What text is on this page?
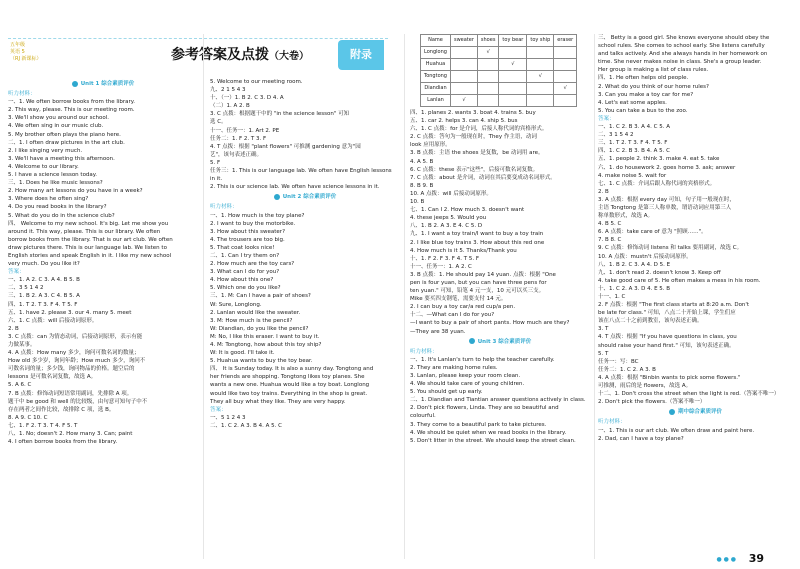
五年级
英语 5
（RJ 新课标）	参考答案及点拨（大卷）	附录
Unit 1 综合素质评价
听力材料：
一、1. We often borrow books from the library.
2. This way, please. This is our meeting room.
3. We'll show you around our school.
4. We often sing in our music club.
5. My brother often plays the piano here.
二、1. I often draw pictures in the art club.
2. I like singing very much.
3. We'll have a meeting this afternoon.
4. Welcome to our library.
5. I have a science lesson today.
三、1. Does he like music lessons?
2. How many art lessons do you have in a week?
3. Where does he often sing?
4. Do you read books in the library?
5. What do you do in the science club?
四、 Welcome to my new school. It's big. Let me show you
around it. This way, please. This is our library. We often
borrow books from the library. That is our art club. We often
draw pictures there. This is our language lab. We listen to
English stories and speak English in it. I like my new school
very much. Do you like it?
答案：
一、1. A 2. C 3. A 4. B 5. B
二、3 5 1 4 2
三、1. B 2. A 3. C 4. B 5. A
四、1. T 2. T 3. F 4. T 5. F
五、1. have 2. please 3. our 4. many 5. meet
六、1. C 点拨：will 后接动词原形。
2. B
3. C 点拨：can 为情态动词，后接动词原形，表示有能
力做某事。
4. A 点拨：How many 多少，询问可数名词的数量；
How old 多少岁，询问年龄；How much 多少，询问不
可数名词的量；多少钱，询问物品的价格。题空后的
lessons 是可数名词复数，故选 A。
5. A 6. C
7. B 点拨：修饰动词短语常用副词，先排除 A 项。
题干中 be good 和 well 的比较级，由句意可知句子中不
存在两者之间作比较，故排除 C 项，选 B。
8. A 9. C 10. C
七、1. F 2. T 3. T 4. F 5. T
八、1. No; doesn't 2. How many 3. Can; paint
4. I often borrow books from the library.
5. Welcome to our meeting room.
九、2 1 5 4 3
十、（一）1. B 2. C 3. D 4. A
（二）1. A 2. B
3. C 点拨：根据题干中的 "in the science lesson" 可知
选 C。
十一、任务一：1. Art 2. PE
任务二：1. F 2. T 3. F
4. T 点拨：根据 "plant flowers" 可推测 gardening 意为"园
艺"，该句表述正确。
5. F
任务三：1. This is our language lab. We often have English lessons
in it.
2. This is our science lab. We often have science lessons in it.
Unit 2 综合素质评价
听力材料：
一、1. How much is the toy plane?
2. I want to buy the motorbike.
3. How about this sweater?
4. The trousers are too big.
5. That coat looks nice!
二、1. Can I try them on?
2. How much are the toy cars?
3. What can I do for you?
4. How about this one?
5. Which one do you like?
三、1. M: Can I have a pair of shoes?
W: Sure, Longlong.
2. Lanlan would like the sweater.
3. M: How much is the pencil?
W: Diandian, do you like the pencil?
M: No, I like this eraser. I want to buy it.
4. M: Tongtong, how about this toy ship?
W: It is good. I'll take it.
5. Huahua wants to buy the toy bear.
四、 It is Sunday today. It is also a sunny day. Tongtong and
her friends are shopping. Tongtong likes toy planes. She
wants a new one. Huahua would like a toy boat. Longlong
would like two toy trains. Everything in the shop is great.
They all buy what they like. They are very happy.
答案：
一、5 1 2 4 3
二、1. C 2. A 3. B 4. A 5. C
Name	sweater	shoes	toy bear	toy ship	eraser
Longlong		√			
Huahua			√		
Tongtong				√	
Diandian					√
Lanlan	√				
四、1. planes 2. wants 3. boat 4. trains 5. buy
五、1. car 2. helps 3. can 4. ship 5. bus
六、1. C 点拨：for 是介词，后接人称代词的宾格形式。
2. C 点拨：答句为一般现在时，They 作主语，动词
look 应用原形。
3. B 点拨：主语 the shoes 是复数，be 动词用 are。
4. A 5. B
6. C 点拨：these 表示"这些"，后接可数名词复数。
7. C 点拨：about 是介词，动词在其后要变成动名词形式。
8. B 9. B
10. A 点拨：will 后接动词原形。
10. B
七、1. Can I 2. How much 3. doesn't want
4. these jeeps 5. Would you
八、1. B 2. A 3. E 4. C 5. D
九、1. I want a toy train/I want to buy a toy train
2. I like blue toy trains 3. How about this red one
4. How much is it 5. Thanks/Thank you
十、1. F 2. F 3. F 4. T 5. F
十一、任务一：1. A 2. C
3. B 点拨：1. He should pay 14 yuan. 点拨：根据 "One
pen is four yuan, but you can have three pens for
ten yuan." 可知，铅笔 4 元一支，10 元可以买三支。
Mike 要买四支钢笔，需要支付 14 元。
2. I can buy a toy car/a red cup/a pen.
十二、—What can I do for you?
—I want to buy a pair of short pants. How much are they?
—They are 38 yuan.
Unit 3 综合素质评价
听力材料：
一、1. It's Lanlan's turn to help the teacher carefully.
2. They are making home rules.
3. Lanlan, please keep your room clean.
4. We should take care of young children.
5. You should get up early.
二、1. Diandian and Tiantian answer questions actively in class.
2. Don't pick flowers, Linda. They are so beautiful and
colourful.
3. They come to a beautiful park to take pictures.
4. We should be quiet when we read books in the library.
5. Don't litter in the street. We should keep the street clean.
三、 Betty is a good girl. She knows everyone should obey the
school rules. She comes to school early. She listens carefully
and talks actively. And she always hands in her homework on
time. She never makes noise in class. She's a group leader.
Her group is making a list of class rules.
四、1. He often helps old people.
2. What do you think of our home rules?
3. Can you make a toy car for me?
4. Let's eat some apples.
5. You can take a bus to the zoo.
答案：
一、1. C 2. B 3. A 4. C 5. A
二、3 1 5 4 2
三、1. T 2. T 3. F 4. T 5. F
四、1. C 2. B 3. B 4. A 5. C
五、1. people 2. think 3. make 4. eat 5. take
六、1. do housework 2. goes home 3. ask; answer
4. make noise 5. wait for
七、1. C 点拨：介词后跟人称代词的宾格形式。
2. B
3. A 点拨：根据 every day 可知，句子用一般现在时，
主语 Tongtong 是第三人称单数，谓语动词应用第三人
称单数形式，故选 A。
4. B 5. C
6. A 点拨：take care of 意为 "照顾……"。
7. B 8. C
9. C 点拨：修饰动词 listens 和 talks 要用副词，故选 C。
10. A 点拨：mustn't 后接动词原形。
八、1. B 2. C 3. A 4. D 5. E
九、1. don't read 2. doesn't know 3. Keep off
4. take good care of 5. He often makes a mess in his room.
十、1. C 2. A 3. D 4. E 5. B
十一、1. C
2. F 点拨：根据 "The first class starts at 8:20 a.m. Don't
be late for class." 可知，八点二十开始上课，学生们应
该在八点二十之前到教室，该句表述正确。
3. T
4. T 点拨：根据 "If you have questions in class, you
should raise your hand first." 可知，该句表述正确。
5. T
任务一：写：BC
任务二：1. C 2. A 3. B
4. A 点拨：根据 "Binbin wants to pick some flowers."
可推测，雨后的是 flowers，故选 A。
十二、1. Don't cross the street when the light is red.（答案不唯一）
2. Don't pick the flowers.（答案不唯一）
期中综合素质评价
听力材料：
一、1. This is our art club. We often draw and paint here.
2. Dad, can I have a toy plane?
● ● ● 39
